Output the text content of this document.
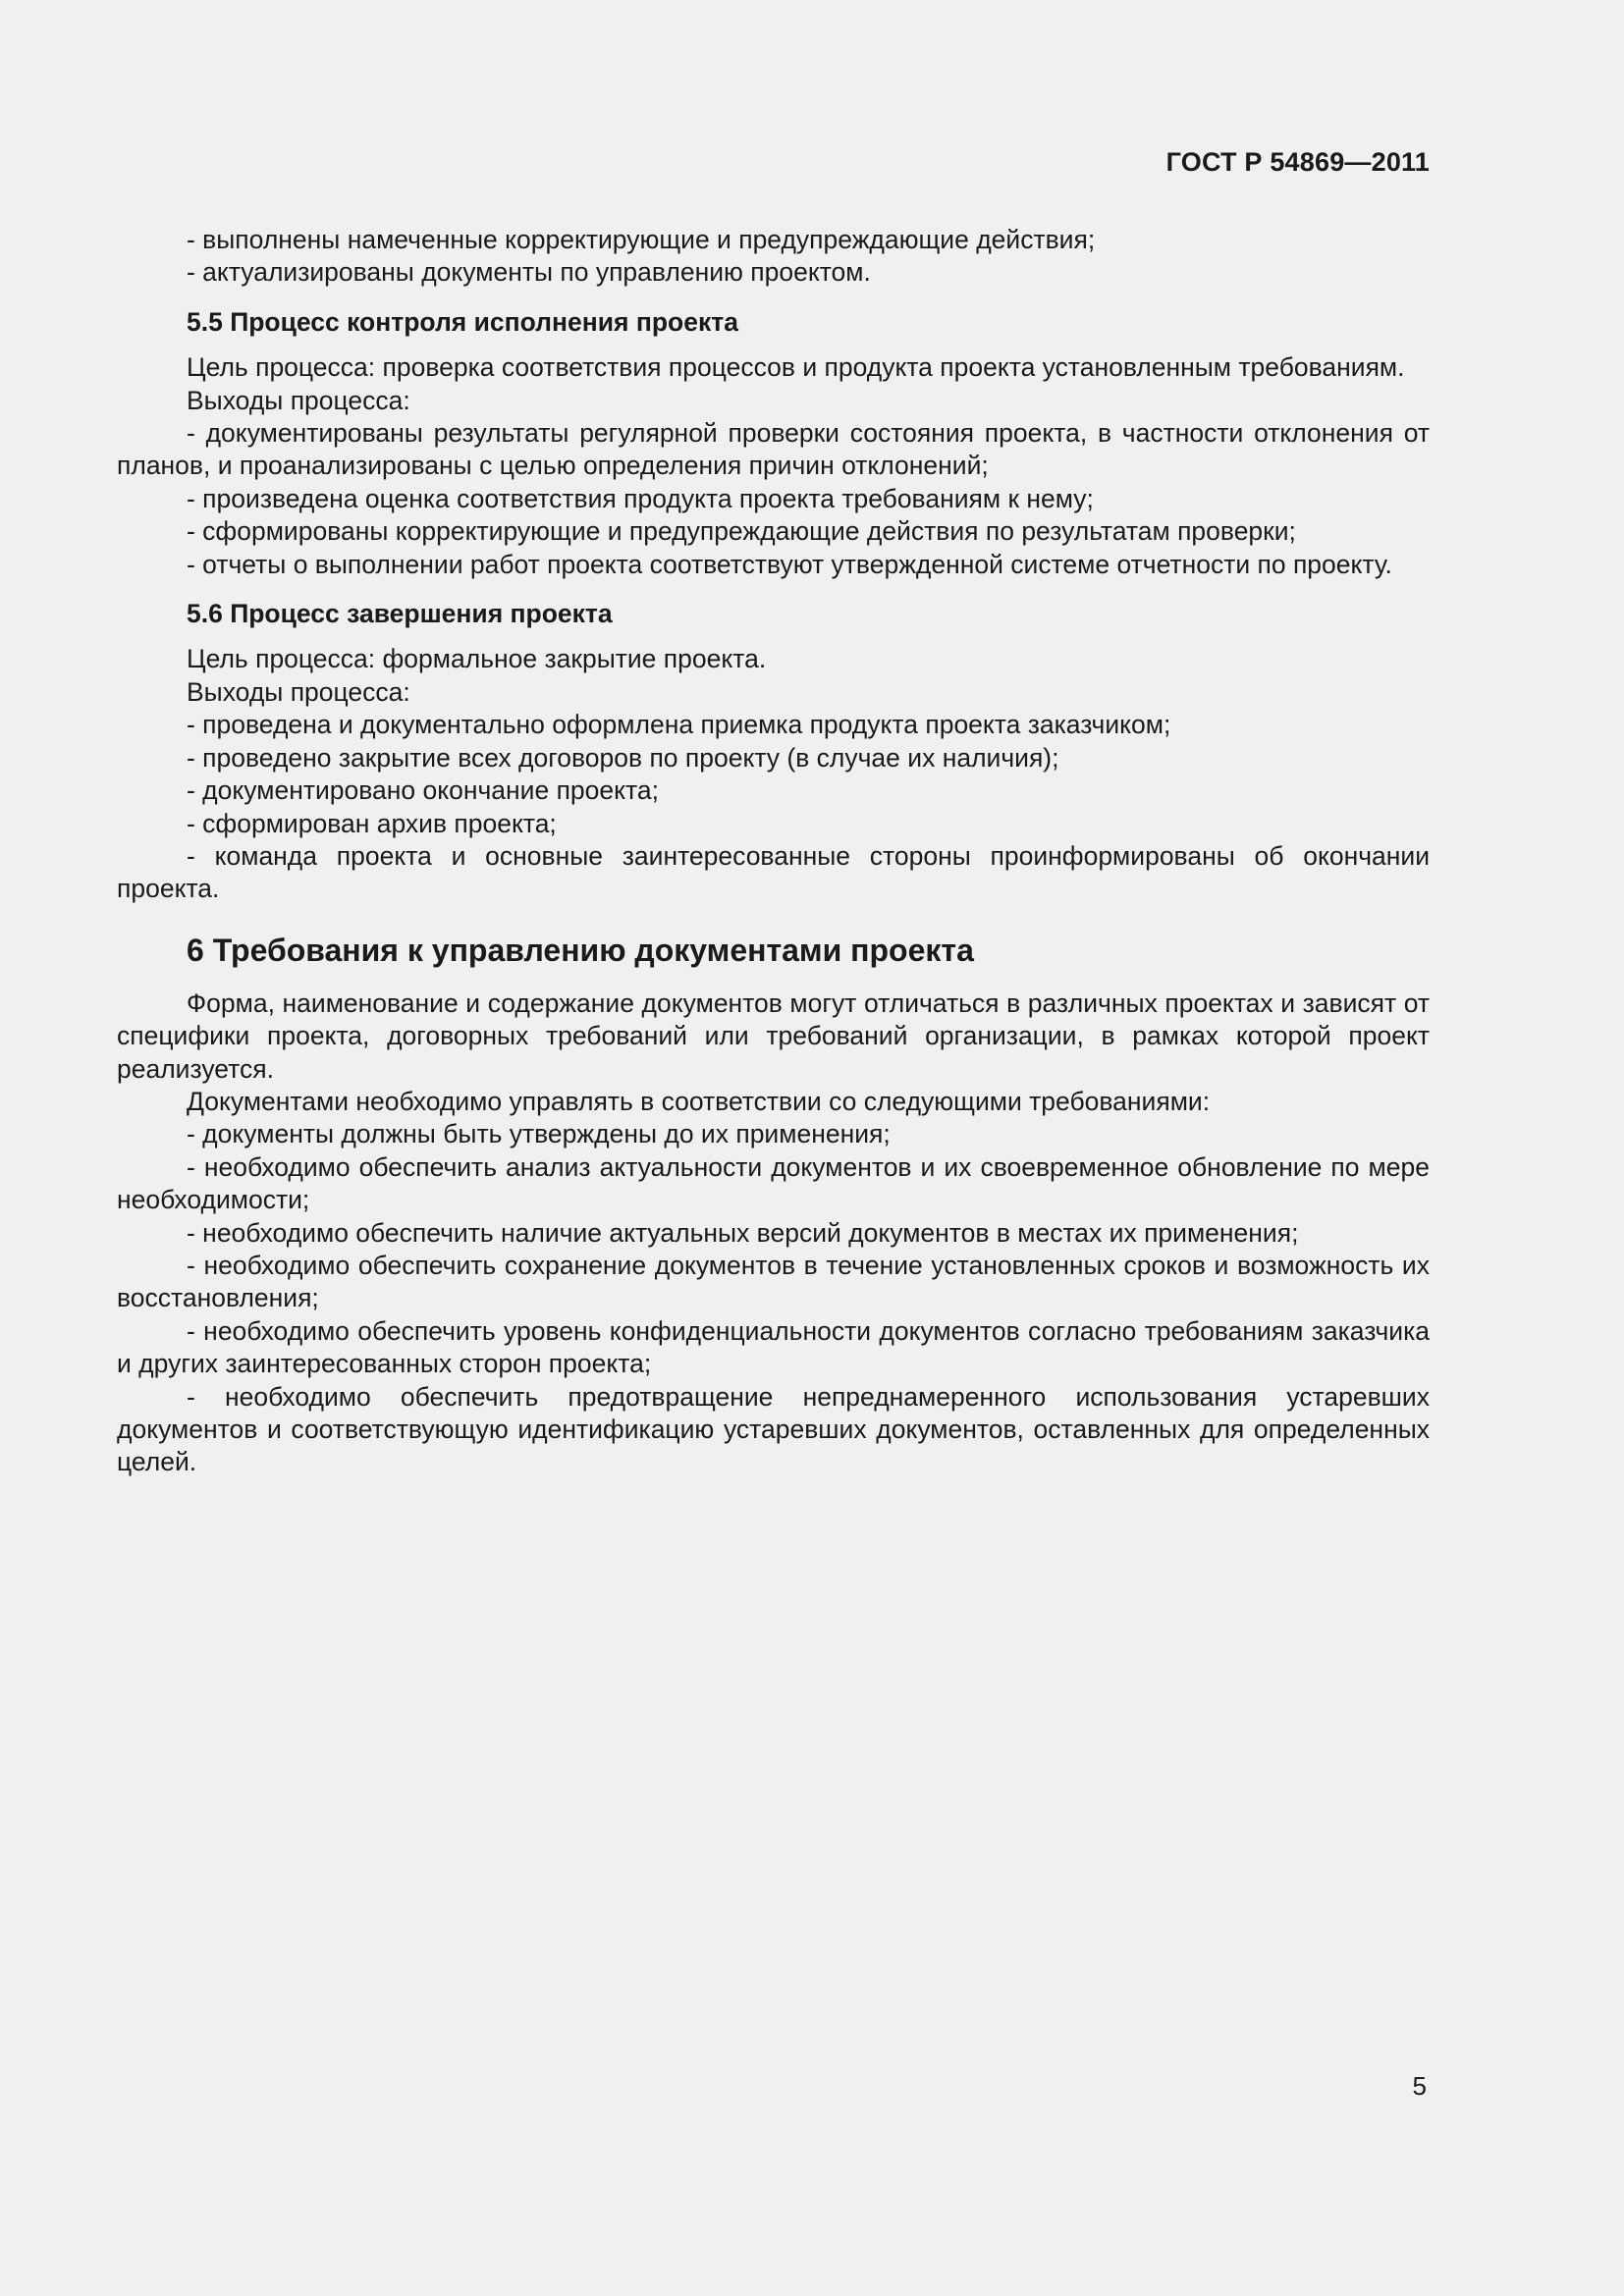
ГОСТ Р 54869—2011

- выполнены намеченные корректирующие и предупреждающие действия;

- актуализированы документы по управлению проектом.

5.5 Процесс контроля исполнения проекта

Цель процесса: проверка соответствия процессов и продукта проекта установленным требованиям.

Выходы процесса:

- документированы результаты регулярной проверки состояния проекта, в частности отклонения от планов, и проанализированы с целью определения причин отклонений;

- произведена оценка соответствия продукта проекта требованиям к нему;

- сформированы корректирующие и предупреждающие действия по результатам проверки;

- отчеты о выполнении работ проекта соответствуют утвержденной системе отчетности по проекту.

5.6 Процесс завершения проекта

Цель процесса: формальное закрытие проекта.

Выходы процесса:

- проведена и документально оформлена приемка продукта проекта заказчиком;

- проведено закрытие всех договоров по проекту (в случае их наличия);

- документировано окончание проекта;

- сформирован архив проекта;

- команда проекта и основные заинтересованные стороны проинформированы об окончании проекта.

6 Требования к управлению документами проекта

Форма, наименование и содержание документов могут отличаться в различных проектах и зависят от специфики проекта, договорных требований или требований организации, в рамках которой проект реализуется.

Документами необходимо управлять в соответствии со следующими требованиями:

- документы должны быть утверждены до их применения;

- необходимо обеспечить анализ актуальности документов и их своевременное обновление по мере необходимости;

- необходимо обеспечить наличие актуальных версий документов в местах их применения;

- необходимо обеспечить сохранение документов в течение установленных сроков и возможность их восстановления;

- необходимо обеспечить уровень конфиденциальности документов согласно требованиям заказчика и других заинтересованных сторон проекта;

- необходимо обеспечить предотвращение непреднамеренного использования устаревших документов и соответствующую идентификацию устаревших документов, оставленных для определенных целей.

5
